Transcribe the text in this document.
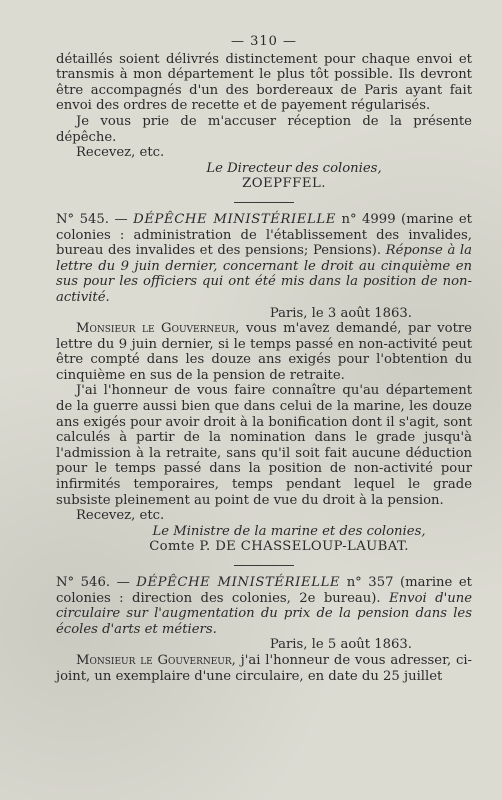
— 310 —

détaillés soient délivrés distinctement pour chaque envoi et transmis à mon département le plus tôt possible. Ils devront être accompagnés d'un des bordereaux de Paris ayant fait envoi des ordres de recette et de payement régularisés.

Je vous prie de m'accuser réception de la présente dépêche.

Recevez, etc.

Le Directeur des colonies,

ZOEPFFEL.

N° 545. — DÉPÊCHE MINISTÉRIELLE n° 4999 (marine et colonies : administration de l'établissement des invalides, bureau des invalides et des pensions; Pensions). Réponse à la lettre du 9 juin dernier, concernant le droit au cinquième en sus pour les officiers qui ont été mis dans la position de non-activité.

Paris, le 3 août 1863.

Monsieur le Gouverneur, vous m'avez demandé, par votre lettre du 9 juin dernier, si le temps passé en non-activité peut être compté dans les douze ans exigés pour l'obtention du cinquième en sus de la pension de retraite.

J'ai l'honneur de vous faire connaître qu'au département de la guerre aussi bien que dans celui de la marine, les douze ans exigés pour avoir droit à la bonification dont il s'agit, sont calculés à partir de la nomination dans le grade jusqu'à l'admission à la retraite, sans qu'il soit fait aucune déduction pour le temps passé dans la position de non-activité pour infirmités temporaires, temps pendant lequel le grade subsiste pleinement au point de vue du droit à la pension.

Recevez, etc.

Le Ministre de la marine et des colonies,

Comte P. DE CHASSELOUP-LAUBAT.

N° 546. — DÉPÊCHE MINISTÉRIELLE n° 357 (marine et colonies : direction des colonies, 2e bureau). Envoi d'une circulaire sur l'augmentation du prix de la pension dans les écoles d'arts et métiers.

Paris, le 5 août 1863.

Monsieur le Gouverneur, j'ai l'honneur de vous adresser, ci-joint, un exemplaire d'une circulaire, en date du 25 juillet
